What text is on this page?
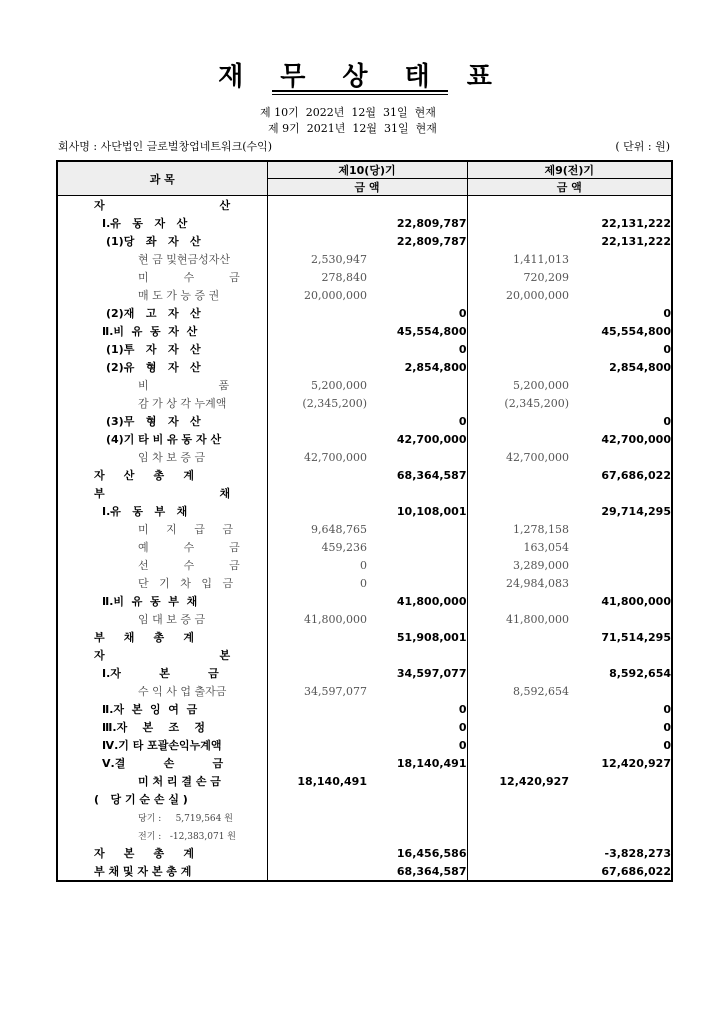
재 무 상 태 표
제 10기  2022년  12월  31일  현재
제 9기  2021년  12월  31일  현재
회사명 : 사단법인 글로벌창업네트워크(수익)	( 단위 : 원)
과 목	제10(당)기		제9(전)기	
	금 액		금 액	
자                              산				
Ⅰ.유   동   자   산		22,809,787		22,131,222
(1)당   좌   자   산		22,809,787		22,131,222
현 금 및현금성자산	2,530,947		1,411,013	
미          수          금	278,840		720,209	
매 도 가 능 증 권	20,000,000		20,000,000	
(2)재   고   자   산		0		0
Ⅱ.비  유  동  자  산		45,554,800		45,554,800
(1)투   자   자   산		0		0
(2)유   형   자   산		2,854,800		2,854,800
비                    품	5,200,000		5,200,000	
감 가 상 각 누계액	(2,345,200)		(2,345,200)	
(3)무   형   자   산		0		0
(4)기 타 비 유 동 자 산		42,700,000		42,700,000
임 차 보 증 금	42,700,000		42,700,000	
자     산     총     계		68,364,587		67,686,022
부                              채				
Ⅰ.유   동   부   채		10,108,001		29,714,295
미     지     급     금	9,648,765		1,278,158	
예          수          금	459,236		163,054	
선          수          금	0		3,289,000	
단   기   차   입   금	0		24,984,083	
Ⅱ.비  유  동  부  채		41,800,000		41,800,000
임 대 보 증 금	41,800,000		41,800,000	
부     채     총     계		51,908,001		71,514,295
자                              본				
Ⅰ.자          본          금		34,597,077		8,592,654
수 익 사 업 출자금	34,597,077		8,592,654	
Ⅱ.자  본  잉  여  금		0		0
Ⅲ.자    본    조    정		0		0
Ⅳ.기 타 포괄손익누계액		0		0
Ⅴ.결          손          금		18,140,491		12,420,927
미 처 리 결 손 금	18,140,491		12,420,927	
(   당 기 순 손 실 )				
당기 :     5,719,564 원				
전기 :   -12,383,071 원				
자     본     총     계		16,456,586		-3,828,273
부 채 및 자 본 총 계		68,364,587		67,686,022
